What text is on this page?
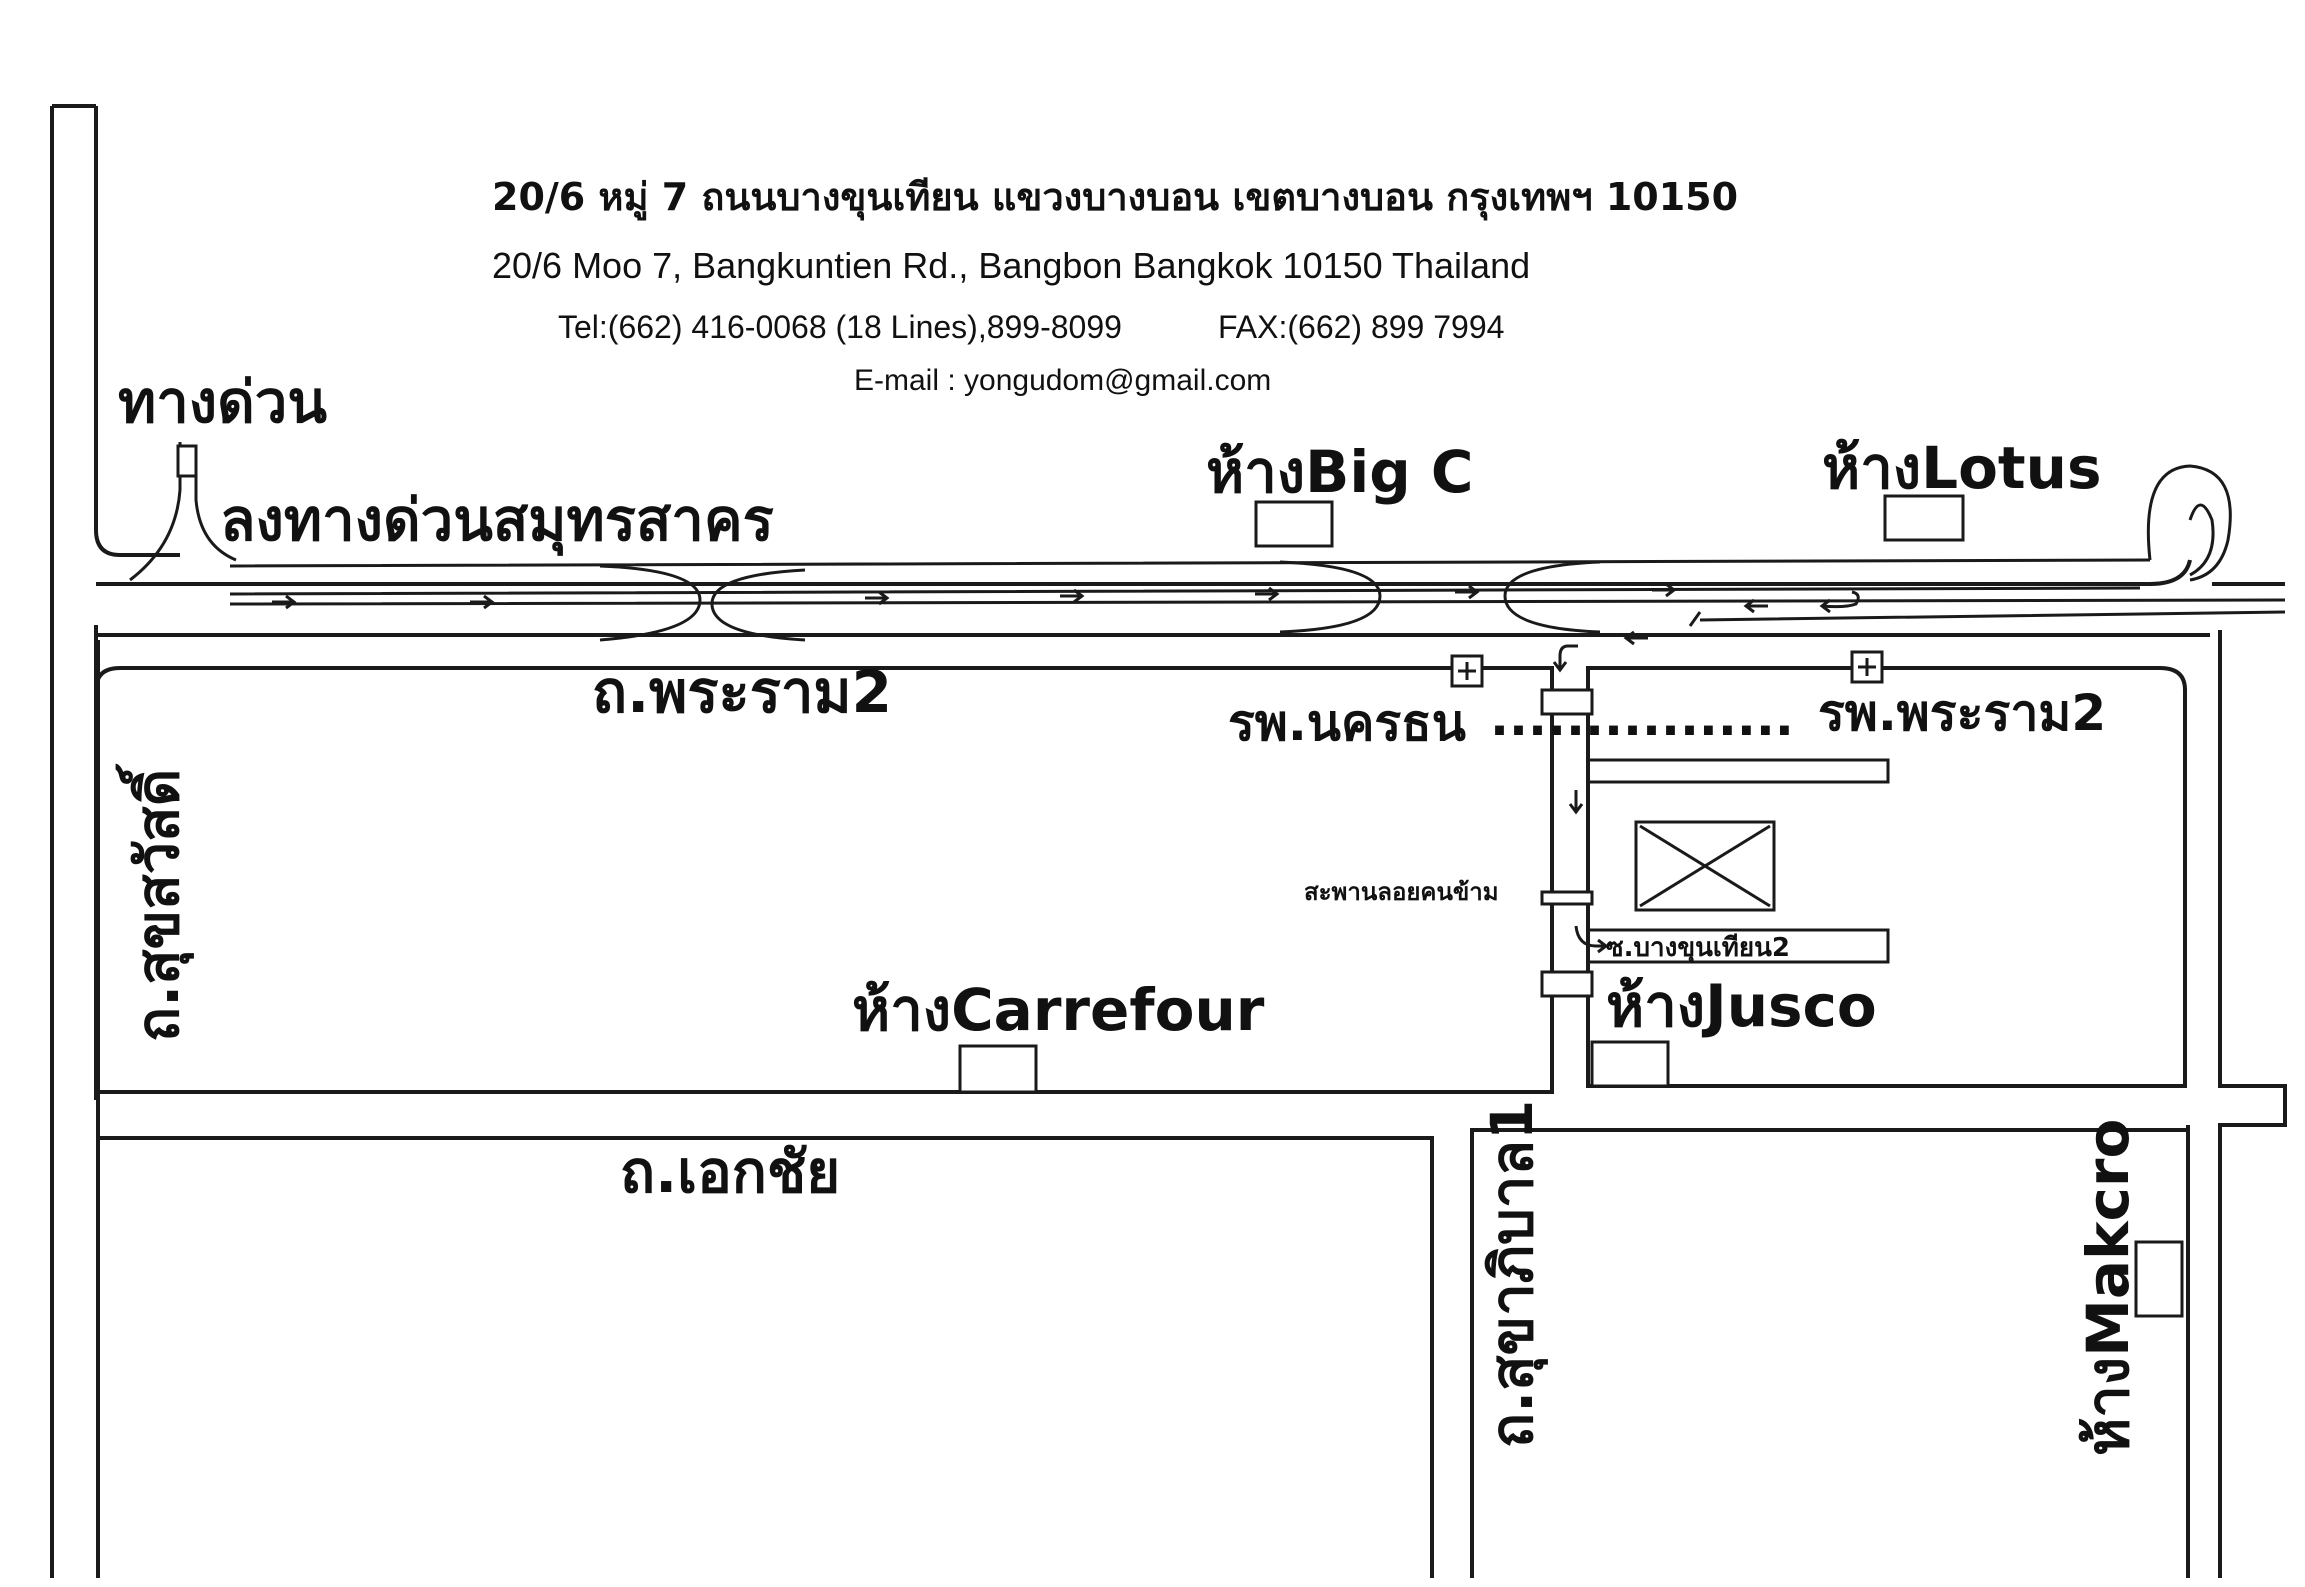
20/6 หมู่ 7 ถนนบางขุนเทียน แขวงบางบอน เขตบางบอน กรุงเทพฯ 10150
20/6 Moo 7, Bangkuntien Rd., Bangbon Bangkok 10150 Thailand
Tel:(662) 416-0068 (18 Lines),899-8099	FAX:(662) 899 7994
E-mail : yongudom@gmail.com
ทางด่วน
ลงทางด่วนสมุทรสาคร
ห้างBig C	ห้างLotus
ถ.พระราม2	รพ.นครธน ................ รพ.พระราม2
สะพานลอยคนข้าม
ซ.บางขุนเทียน2
ห้างCarrefour	ห้างJusco
ถ.เอกชัย
ถ.สุขสวัสดิ์
ถ.สุขาภิบาล1	ห้างMakcro
